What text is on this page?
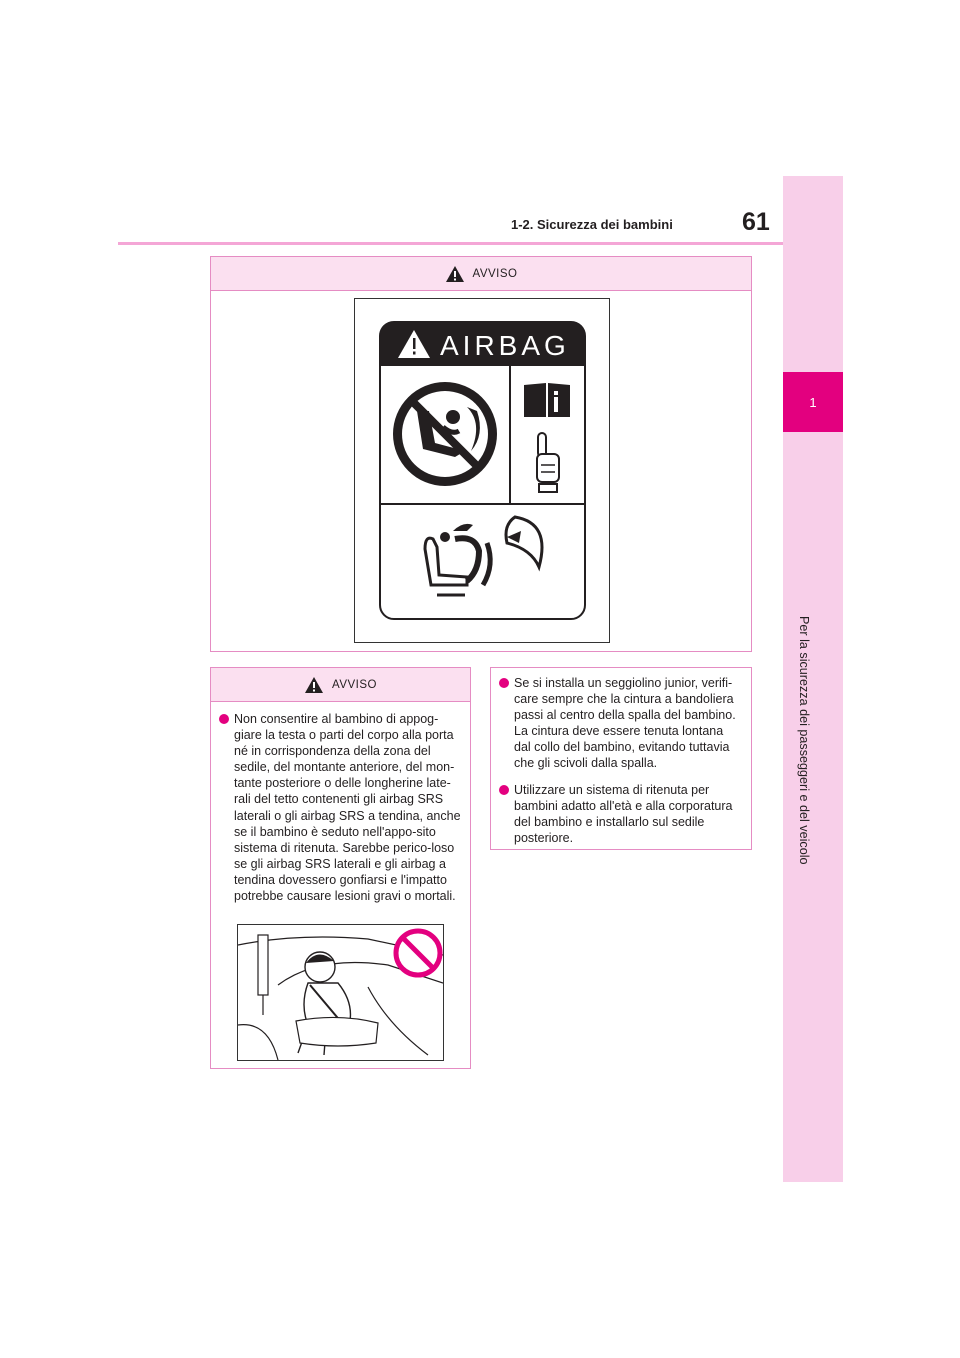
1-2. Sicurezza dei bambini	61
1
Per la sicurezza dei passeggeri e del veicolo
AVVISO
AIRBAG
AVVISO
Non consentire al bambino di appog-giare la testa o parti del corpo alla porta né in corrispondenza della zona del sedile, del montante anteriore, del mon-tante posteriore o delle longherine late-rali del tetto contenenti gli airbag SRS laterali o gli airbag SRS a tendina, anche se il bambino è seduto nell'appo-sito sistema di ritenuta. Sarebbe perico-loso se gli airbag SRS laterali e gli airbag a tendina dovessero gonfiarsi e l'impatto potrebbe causare lesioni gravi o mortali.
Se si installa un seggiolino junior, verifi-care sempre che la cintura a bandoliera passi al centro della spalla del bambino. La cintura deve essere tenuta lontana dal collo del bambino, evitando tuttavia che gli scivoli dalla spalla.
Utilizzare un sistema di ritenuta per bambini adatto all'età e alla corporatura del bambino e installarlo sul sedile posteriore.
